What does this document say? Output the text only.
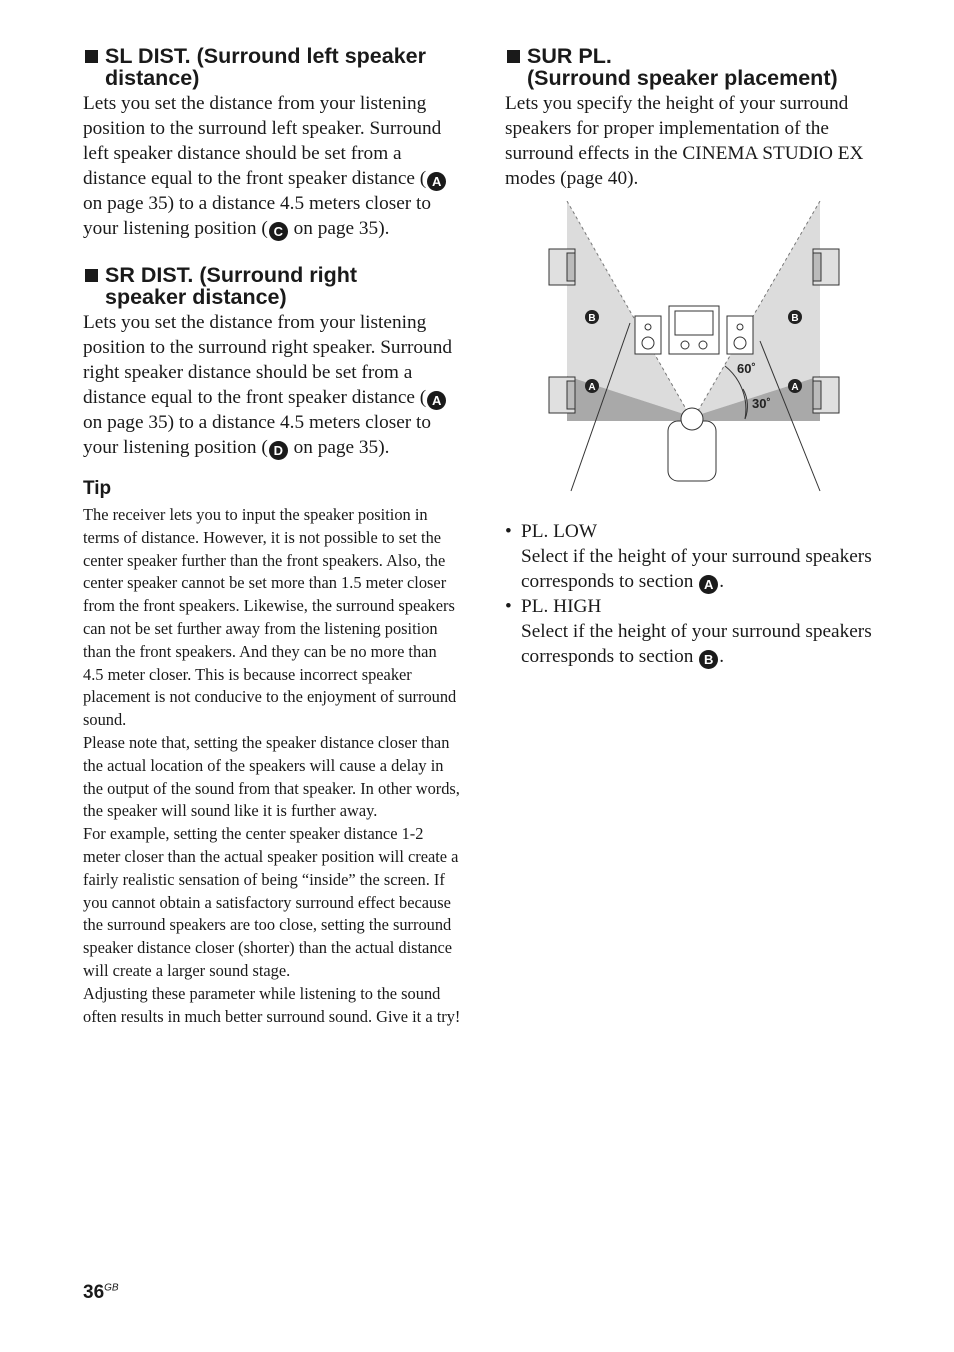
SL DIST. (Surround left speaker
distance)

Lets you set the distance from your listening position to the surround left speaker. Surround left speaker distance should be set from a distance equal to the front speaker distance ( A on page 35) to a distance 4.5 meters closer to your listening position ( C on page 35).

SR DIST. (Surround right
speaker distance)

Lets you set the distance from your listening position to the surround right speaker. Surround right speaker distance should be set from a distance equal to the front speaker distance ( A on page 35) to a distance 4.5 meters closer to your listening position ( D on page 35).

Tip

The receiver lets you to input the speaker position in terms of distance. However, it is not possible to set the center speaker further than the front speakers. Also, the center speaker cannot be set more than 1.5 meter closer from the front speakers. Likewise, the surround speakers can not be set further away from the listening position than the front speakers. And they can be no more than 4.5 meter closer. This is because incorrect speaker placement is not conducive to the enjoyment of surround sound.

Please note that, setting the speaker distance closer than the actual location of the speakers will cause a delay in the output of the sound from that speaker. In other words, the speaker will sound like it is further away.

For example, setting the center speaker distance 1-2 meter closer than the actual speaker position will create a fairly realistic sensation of being “inside” the screen. If you cannot obtain a satisfactory surround effect because the surround speakers are too close, setting the surround speaker distance closer (shorter) than the actual distance will create a larger sound stage.

Adjusting these parameter while listening to the sound often results in much better surround sound. Give it a try!

SUR PL.
(Surround speaker placement)

Lets you specify the height of your surround speakers for proper implementation of the surround effects in the CINEMA STUDIO EX modes (page 40).

B	B
A	A
60˚
30˚
• PL. LOW
Select if the height of your surround speakers corresponds to section A .
• PL. HIGH
Select if the height of your surround speakers corresponds to section B .
$36^{GB}$
